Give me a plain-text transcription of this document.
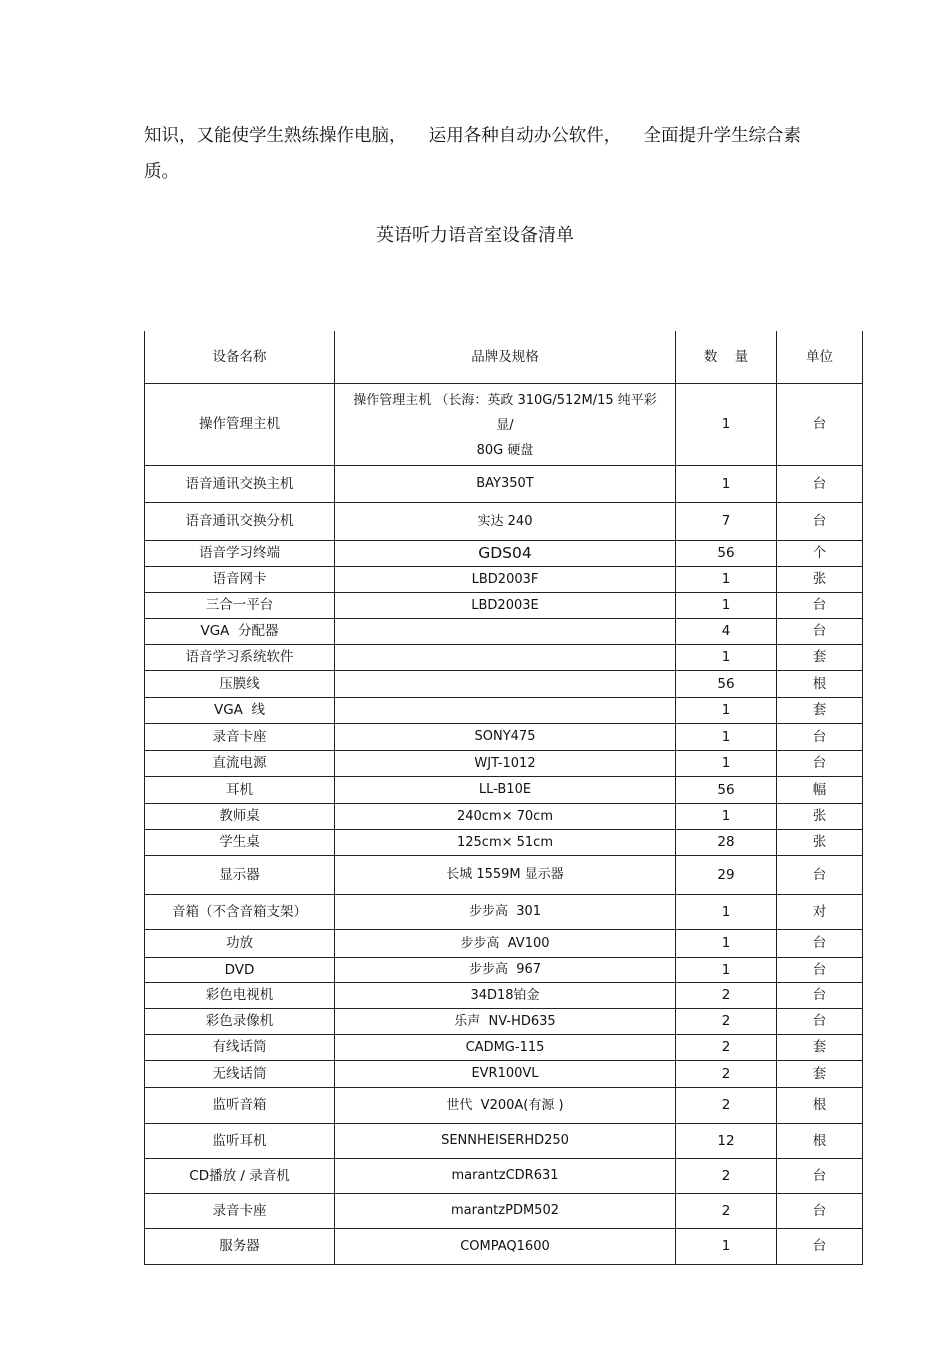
知识，又能使学生熟练操作电脑，    运用各种自动办公软件，    全面提升学生综合素
质。
英语听力语音室设备清单
设备名称	品牌及规格	数    量	单位
操作管理主机	操作管理主机 （长海：英政 310G/512M/15 纯平彩
显/
80G 硬盘	1	台
语音通讯交换主机	BAY350T	1	台
语音通讯交换分机	实达 240	7	台
语音学习终端	GDS04	56	个
语音网卡	LBD2003F	1	张
三合一平台	LBD2003E	1	台
VGA  分配器		4	台
语音学习系统软件		1	套
压膜线		56	根
VGA  线		1	套
录音卡座	SONY475	1	台
直流电源	WJT-1012	1	台
耳机	LL-B10E	56	幅
教师桌	240cm× 70cm	1	张
学生桌	125cm× 51cm	28	张
显示器	长城 1559M 显示器	29	台
音箱（不含音箱支架）	步步高  301	1	对
功放	步步高  AV100	1	台
DVD	步步高  967	1	台
彩色电视机	34D18铂金	2	台
彩色录像机	乐声  NV-HD635	2	台
有线话筒	CADMG-115	2	套
无线话筒	EVR100VL	2	套
监听音箱	世代  V200A(有源 )	2	根
监听耳机	SENNHEISERHD250	12	根
CD播放 / 录音机	marantzCDR631	2	台
录音卡座	marantzPDM502	2	台
服务器	COMPAQ1600	1	台
